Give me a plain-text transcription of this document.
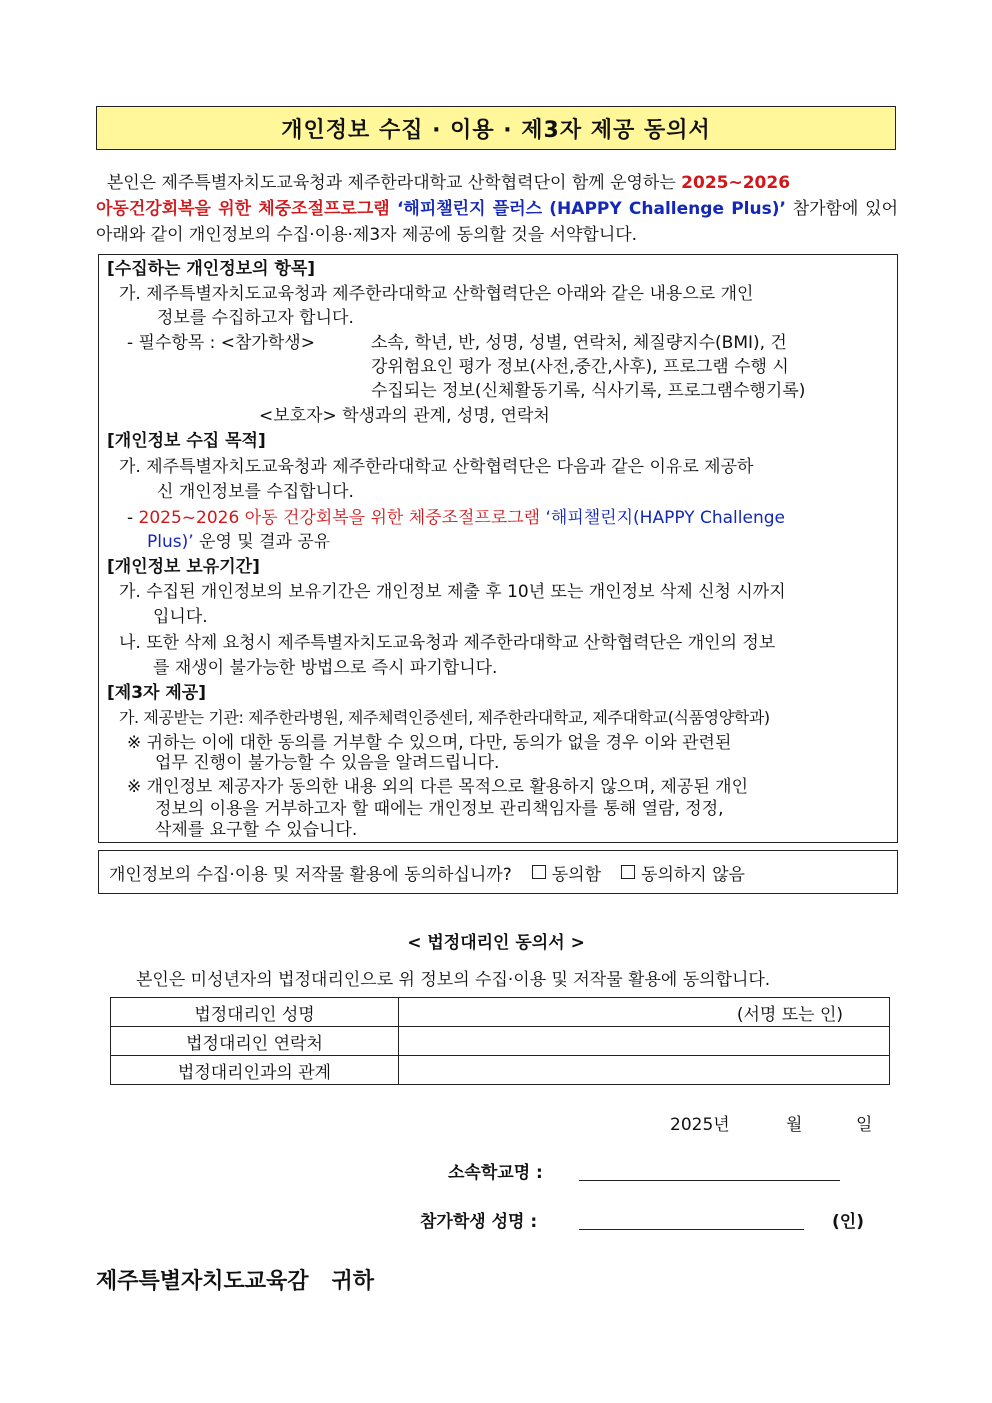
개인정보 수집 · 이용 · 제3자 제공 동의서
본인은 제주특별자치도교육청과 제주한라대학교 산학협력단이 함께 운영하는 2025~2026
아동건강회복을 위한 체중조절프로그램 ‘해피챌린지 플러스 (HAPPY Challenge Plus)’ 참가함에 있어 아래와 같이 개인정보의 수집·이용·제3자 제공에 동의할 것을 서약합니다.
[수집하는 개인정보의 항목]
가. 제주특별자치도교육청과 제주한라대학교 산학협력단은 아래와 같은 내용으로 개인
정보를 수집하고자 합니다.
- 필수항목 : <참가학생>	소속, 학년, 반, 성명, 성별, 연락처, 체질량지수(BMI), 건
강위험요인 평가 정보(사전,중간,사후), 프로그램 수행 시
수집되는 정보(신체활동기록, 식사기록, 프로그램수행기록)
<보호자> 학생과의 관계, 성명, 연락처
[개인정보 수집 목적]
가. 제주특별자치도교육청과 제주한라대학교 산학협력단은 다음과 같은 이유로 제공하
신 개인정보를 수집합니다.
- 2025~2026 아동 건강회복을 위한 체중조절프로그램 ‘해피챌린지(HAPPY Challenge
Plus)’ 운영 및 결과 공유
[개인정보 보유기간]
가. 수집된 개인정보의 보유기간은 개인정보 제출 후 10년 또는 개인정보 삭제 신청 시까지
입니다.
나. 또한 삭제 요청시 제주특별자치도교육청과 제주한라대학교 산학협력단은 개인의 정보
를 재생이 불가능한 방법으로 즉시 파기합니다.
[제3자 제공]
가. 제공받는 기관: 제주한라병원, 제주체력인증센터, 제주한라대학교, 제주대학교(식품영양학과)
※ 귀하는 이에 대한 동의를 거부할 수 있으며, 다만, 동의가 없을 경우 이와 관련된
업무 진행이 불가능할 수 있음을 알려드립니다.
※ 개인정보 제공자가 동의한 내용 외의 다른 목적으로 활용하지 않으며, 제공된 개인
정보의 이용을 거부하고자 할 때에는 개인정보 관리책임자를 통해 열람, 정정,
삭제를 요구할 수 있습니다.
개인정보의 수집·이용 및 저작물 활용에 동의하십니까? 동의함 동의하지 않음
< 법정대리인 동의서 >
본인은 미성년자의 법정대리인으로 위 정보의 수집·이용 및 저작물 활용에 동의합니다.
법정대리인 성명	(서명 또는 인)
법정대리인 연락처	
법정대리인과의 관계	
2025년	월	일
소속학교명 :
참가학생 성명 :	(인)
제주특별자치도교육감   귀하
